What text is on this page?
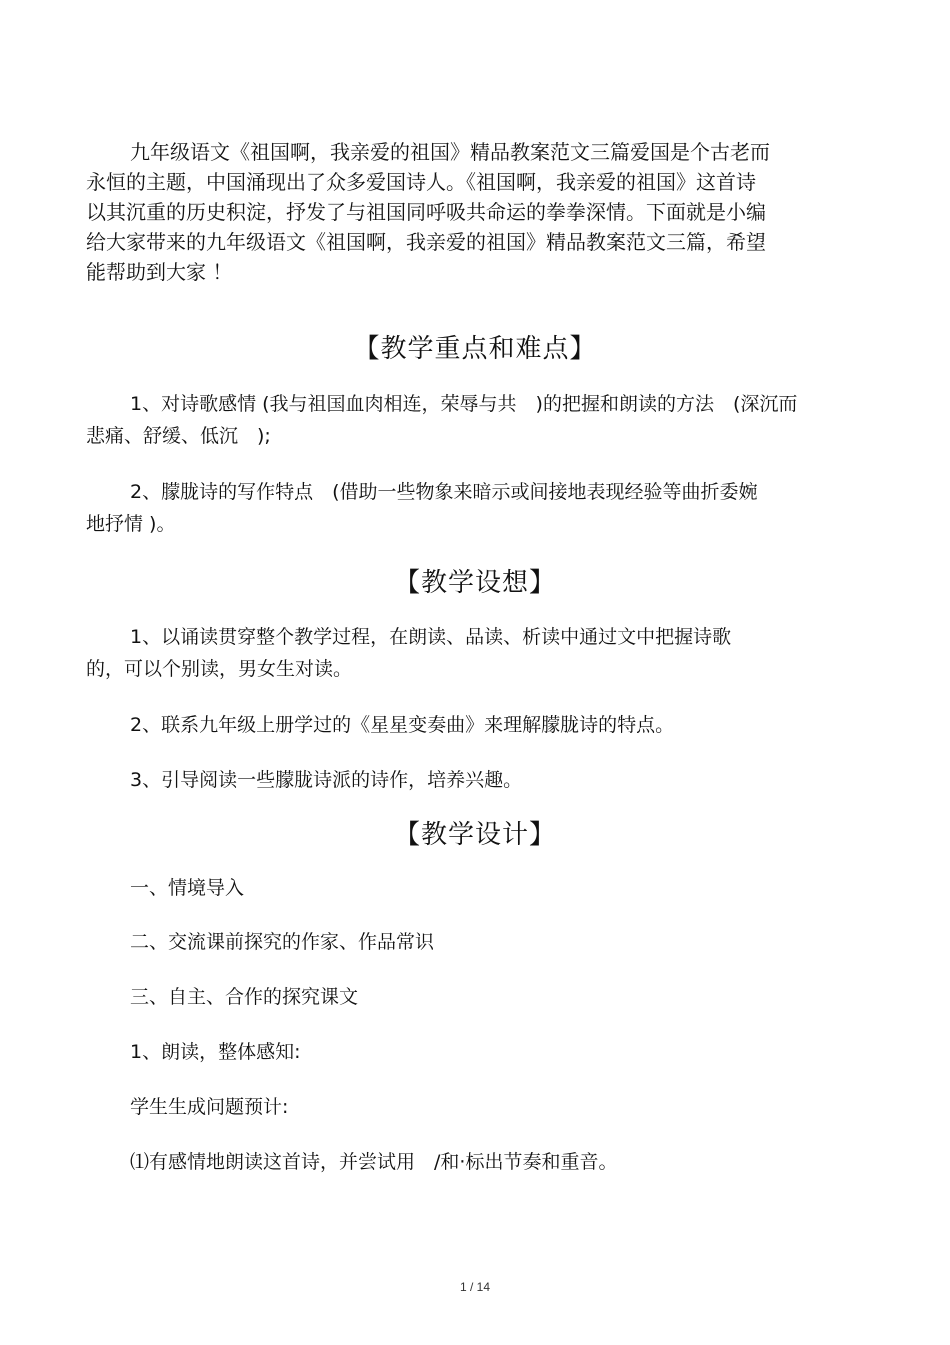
九年级语文《祖国啊，我亲爱的祖国》精品教案范文三篇爱国是个古老而

永恒的主题，中国涌现出了众多爱国诗人。《祖国啊，我亲爱的祖国》这首诗

以其沉重的历史积淀，抒发了与祖国同呼吸共命运的拳拳深情。下面就是小编

给大家带来的九年级语文《祖国啊，我亲爱的祖国》精品教案范文三篇，希望

能帮助到大家 ！

【教学重点和难点】
1、对诗歌感情 (我与祖国血肉相连，荣辱与共　)的把握和朗读的方法　(深沉而
悲痛、舒缓、低沉　);
2、朦胧诗的写作特点　(借助一些物象来暗示或间接地表现经验等曲折委婉
地抒情 )。
【教学设想】
1、以诵读贯穿整个教学过程，在朗读、品读、析读中通过文中把握诗歌
的，可以个别读，男女生对读。
2、联系九年级上册学过的《星星变奏曲》来理解朦胧诗的特点。
3、引导阅读一些朦胧诗派的诗作，培养兴趣。
【教学设计】
一、情境导入
二、交流课前探究的作家、作品常识
三、自主、合作的探究课文
1、朗读，整体感知:
学生生成问题预计:
⑴有感情地朗读这首诗，并尝试用　/和·标出节奏和重音。
1 / 14
